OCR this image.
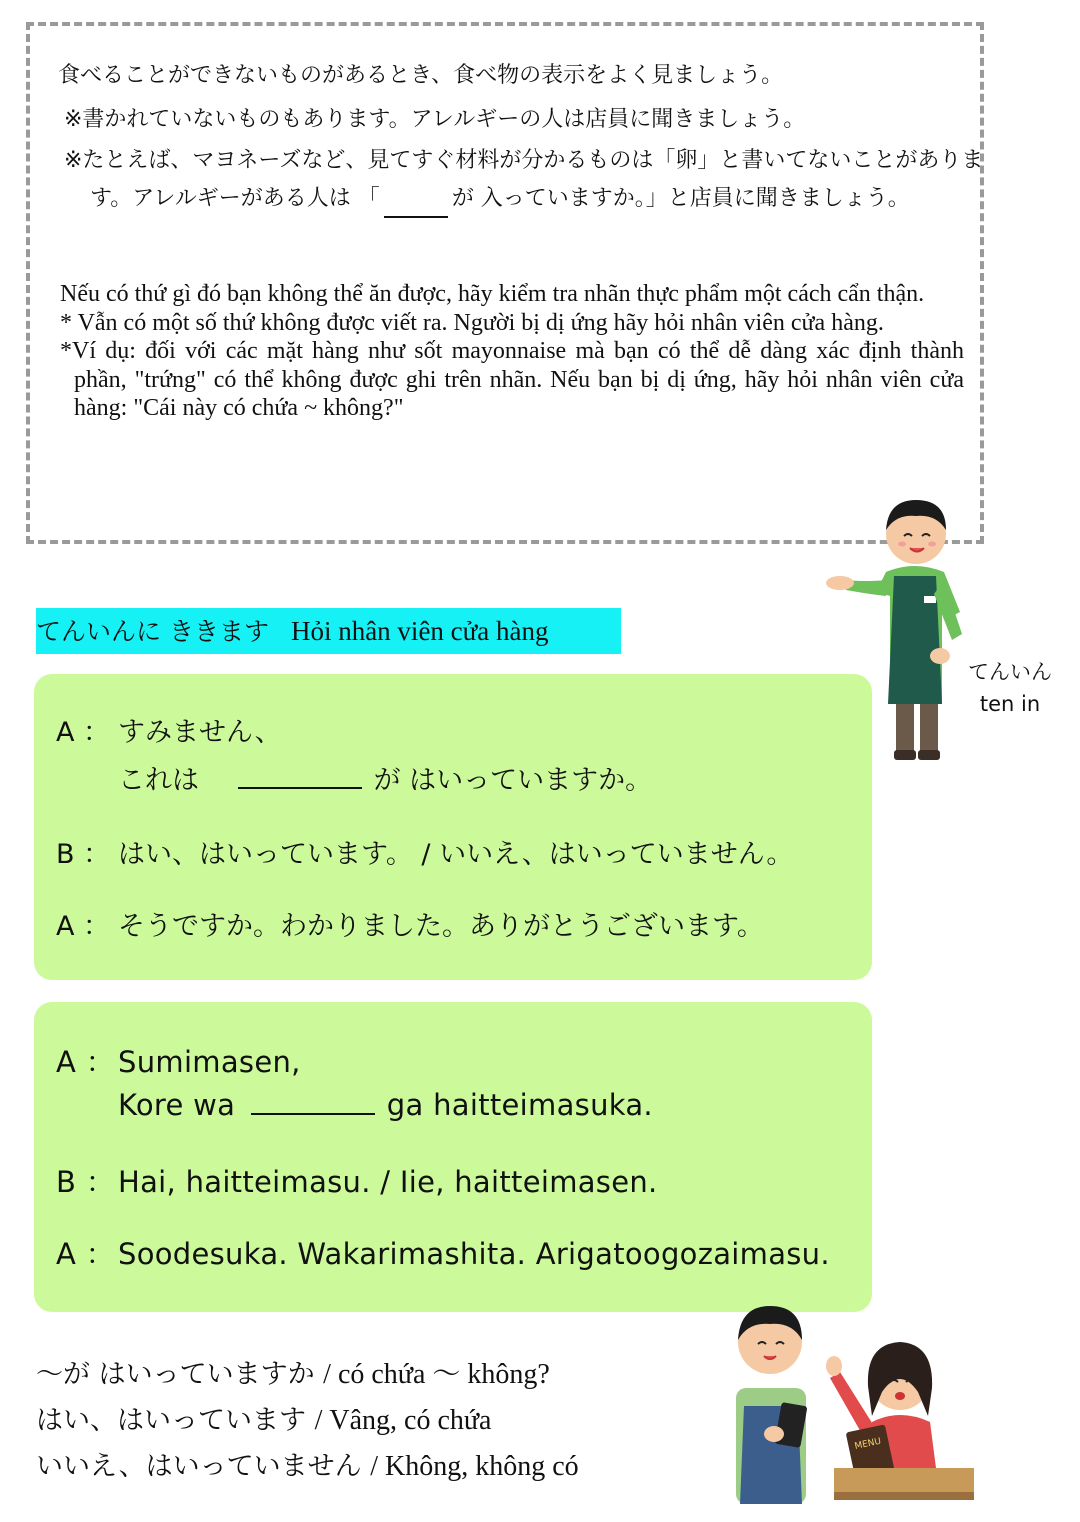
食べることができないものがあるとき、食べ物の表示をよく見ましょう。
※書かれていないものもあります。アレルギーの人は店員に聞きましょう。
※たとえば、マヨネーズなど、見てすぐ材料が分かるものは「卵」と書いてないことがあります。アレルギーがある人は 「	が 入っていますか。」と店員に聞きましょう。

Nếu có thứ gì đó bạn không thể ăn được, hãy kiểm tra nhãn thực phẩm một cách cẩn thận.

* Vẫn có một số thứ không được viết ra. Người bị dị ứng hãy hỏi nhân viên cửa hàng.

*Ví dụ: đối với các mặt hàng như sốt mayonnaise mà bạn có thể dễ dàng xác định thành phần, "trứng" có thể không được ghi trên nhãn. Nếu bạn bị dị ứng, hãy hỏi nhân viên cửa hàng: "Cái này có chứa ~ không?"

てんいん
ten in
てんいんに ききます Hỏi nhân viên cửa hàng
A ： すみません、
これは	が はいっていますか。
B ： はい、はいっています。 / いいえ、はいっていません。
A ： そうですか。わかりました。ありがとうございます。
A ： Sumimasen,
Kore wa	ga haitteimasuka.
B ： Hai, haitteimasu. / Iie, haitteimasen.
A ： Soodesuka. Wakarimashita. Arigatoogozaimasu.
～が はいっていますか / có chứa ～ không?
はい、はいっています / Vâng, có chứa
いいえ、はいっていません / Không, không có
MENU
